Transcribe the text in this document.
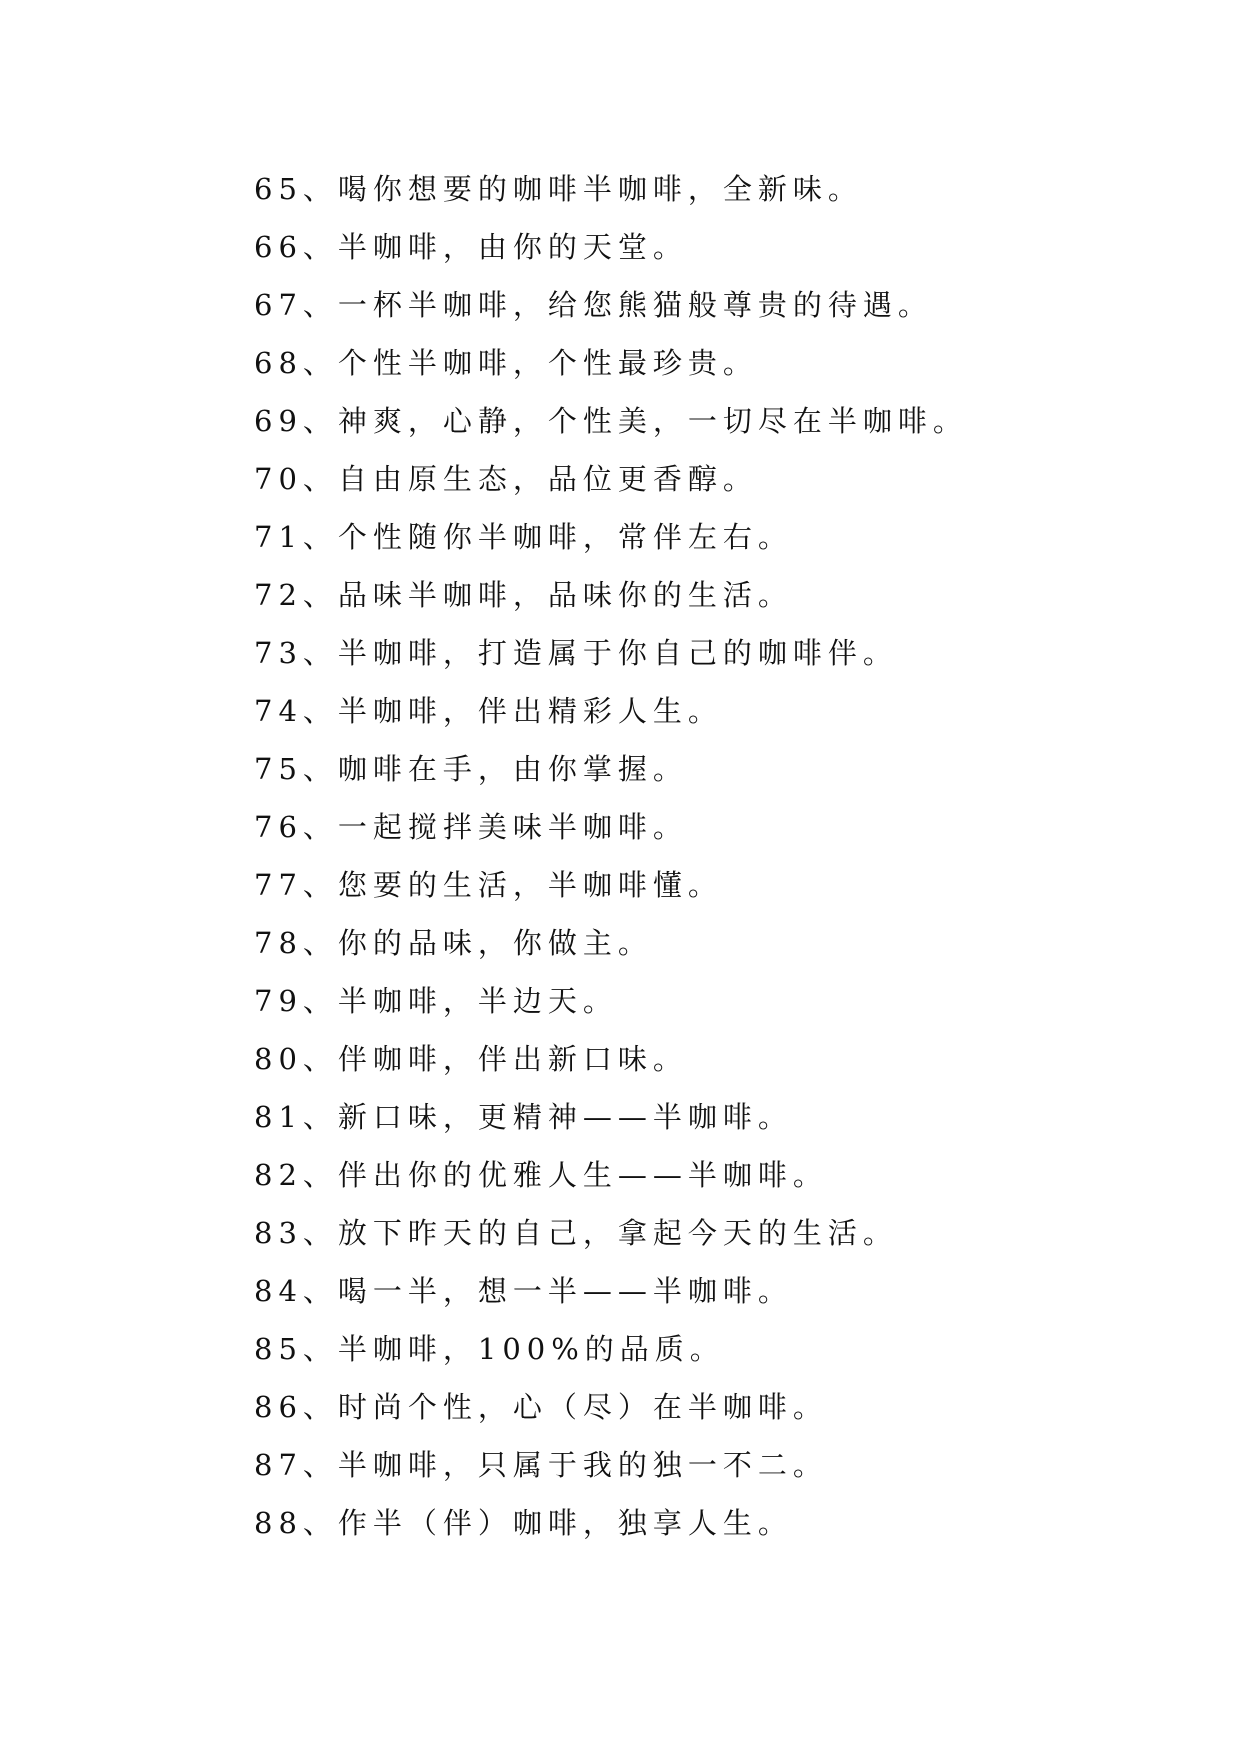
65、喝你想要的咖啡半咖啡，全新味。
66、半咖啡，由你的天堂。
67、一杯半咖啡，给您熊猫般尊贵的待遇。
68、个性半咖啡，个性最珍贵。
69、神爽，心静，个性美，一切尽在半咖啡。
70、自由原生态，品位更香醇。
71、个性随你半咖啡，常伴左右。
72、品味半咖啡，品味你的生活。
73、半咖啡，打造属于你自己的咖啡伴。
74、半咖啡，伴出精彩人生。
75、咖啡在手，由你掌握。
76、一起搅拌美味半咖啡。
77、您要的生活，半咖啡懂。
78、你的品味，你做主。
79、半咖啡，半边天。
80、伴咖啡，伴出新口味。
81、新口味，更精神——半咖啡。
82、伴出你的优雅人生——半咖啡。
83、放下昨天的自己，拿起今天的生活。
84、喝一半，想一半——半咖啡。
85、半咖啡，100%的品质。
86、时尚个性，心（尽）在半咖啡。
87、半咖啡，只属于我的独一不二。
88、作半（伴）咖啡，独享人生。
